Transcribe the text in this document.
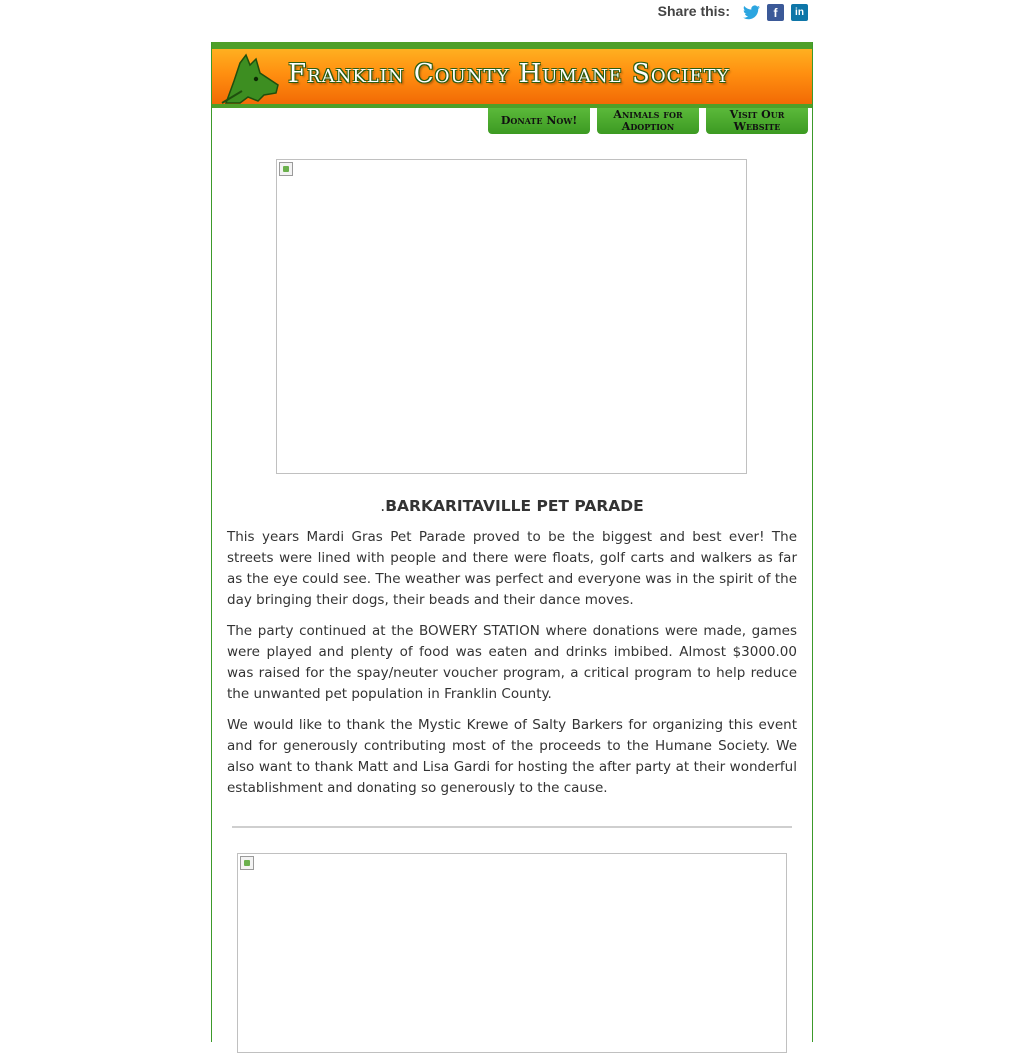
Share this:	f in
Franklin County Humane Society
Donate Now!	Animals for Adoption
Visit Our Website
.BARKARITAVILLE PET PARADE

This years Mardi Gras Pet Parade proved to be the biggest and best ever! The streets were lined with people and there were floats, golf carts and walkers as far as the eye could see. The weather was perfect and everyone was in the spirit of the day bringing their dogs, their beads and their dance moves.

The party continued at the BOWERY STATION where donations were made, games were played and plenty of food was eaten and drinks imbibed. Almost $3000.00 was raised for the spay/neuter voucher program, a critical program to help reduce the unwanted pet population in Franklin County.

We would like to thank the Mystic Krewe of Salty Barkers for organizing this event and for generously contributing most of the proceeds to the Humane Society. We also want to thank Matt and Lisa Gardi for hosting the after party at their wonderful establishment and donating so generously to the cause.
